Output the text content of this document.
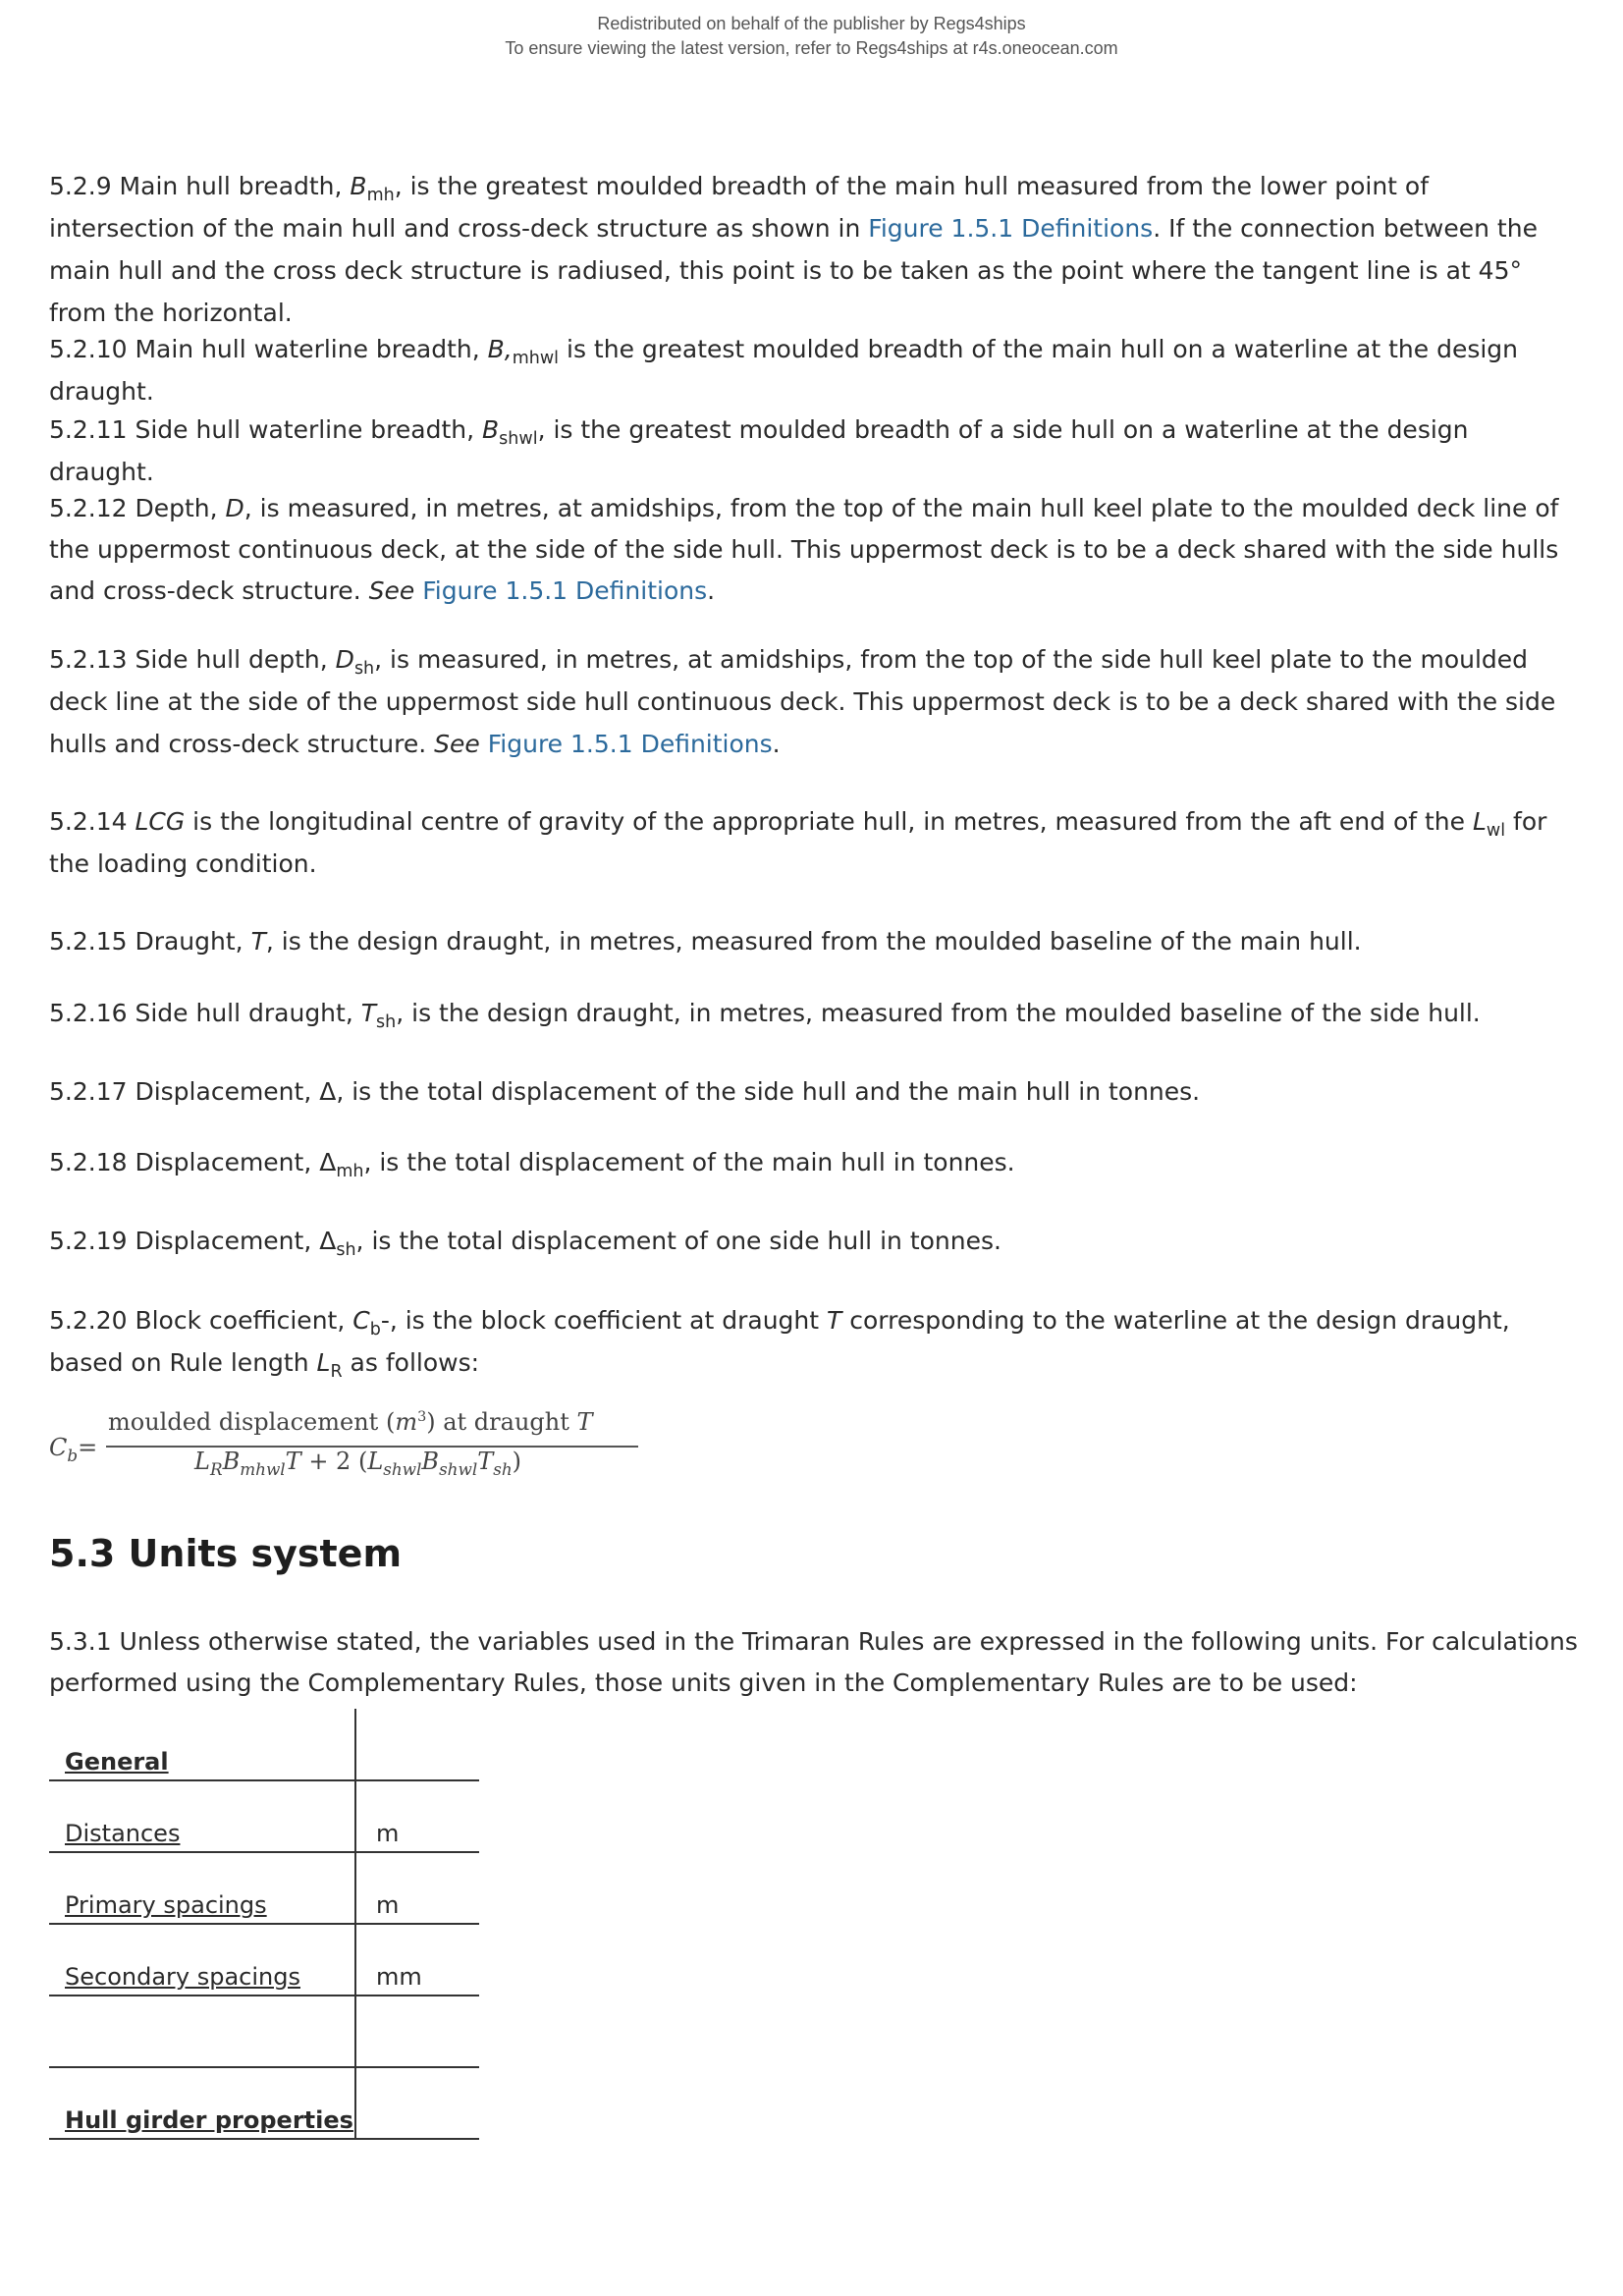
Redistributed on behalf of the publisher by Regs4ships
To ensure viewing the latest version, refer to Regs4ships at r4s.oneocean.com
5.2.9 Main hull breadth, $B_{mh}$, is the greatest moulded breadth of the main hull measured from the lower point of intersection of the main hull and cross-deck structure as shown in Figure 1.5.1 Definitions. If the connection between the main hull and the cross deck structure is radiused, this point is to be taken as the point where the tangent line is at 45° from the horizontal.
5.2.10 Main hull waterline breadth, $B,_{mhwl}$ is the greatest moulded breadth of the main hull on a waterline at the design draught.
5.2.11 Side hull waterline breadth, $B_{shwl}$, is the greatest moulded breadth of a side hull on a waterline at the design draught.
5.2.12 Depth, D, is measured, in metres, at amidships, from the top of the main hull keel plate to the moulded deck line of the uppermost continuous deck, at the side of the side hull. This uppermost deck is to be a deck shared with the side hulls and cross-deck structure. See Figure 1.5.1 Definitions.
5.2.13 Side hull depth, $D_{sh}$, is measured, in metres, at amidships, from the top of the side hull keel plate to the moulded deck line at the side of the uppermost side hull continuous deck. This uppermost deck is to be a deck shared with the side hulls and cross-deck structure. See Figure 1.5.1 Definitions.
5.2.14 LCG is the longitudinal centre of gravity of the appropriate hull, in metres, measured from the aft end of the $L_{wl}$ for the loading condition.
5.2.15 Draught, T, is the design draught, in metres, measured from the moulded baseline of the main hull.
5.2.16 Side hull draught, $T_{sh}$, is the design draught, in metres, measured from the moulded baseline of the side hull.
5.2.17 Displacement, Δ, is the total displacement of the side hull and the main hull in tonnes.
5.2.18 Displacement, $\Delta_{mh}$, is the total displacement of the main hull in tonnes.
5.2.19 Displacement, $\Delta_{sh}$, is the total displacement of one side hull in tonnes.
5.2.20 Block coefficient, $C_b-$, is the block coefficient at draught T corresponding to the waterline at the design draught, based on Rule length $L_R$ as follows:
$C_b=$
moulded displacement $(m^3)$ at draught T
$L_RB_{mhwl}T + 2$ $(L_{shwl}B_{shwl}T_{sh})$
5.3 Units system
5.3.1 Unless otherwise stated, the variables used in the Trimaran Rules are expressed in the following units. For calculations performed using the Complementary Rules, those units given in the Complementary Rules are to be used:
General	
Distances	m
Primary spacings	m
Secondary spacings	mm

Hull girder properties	
